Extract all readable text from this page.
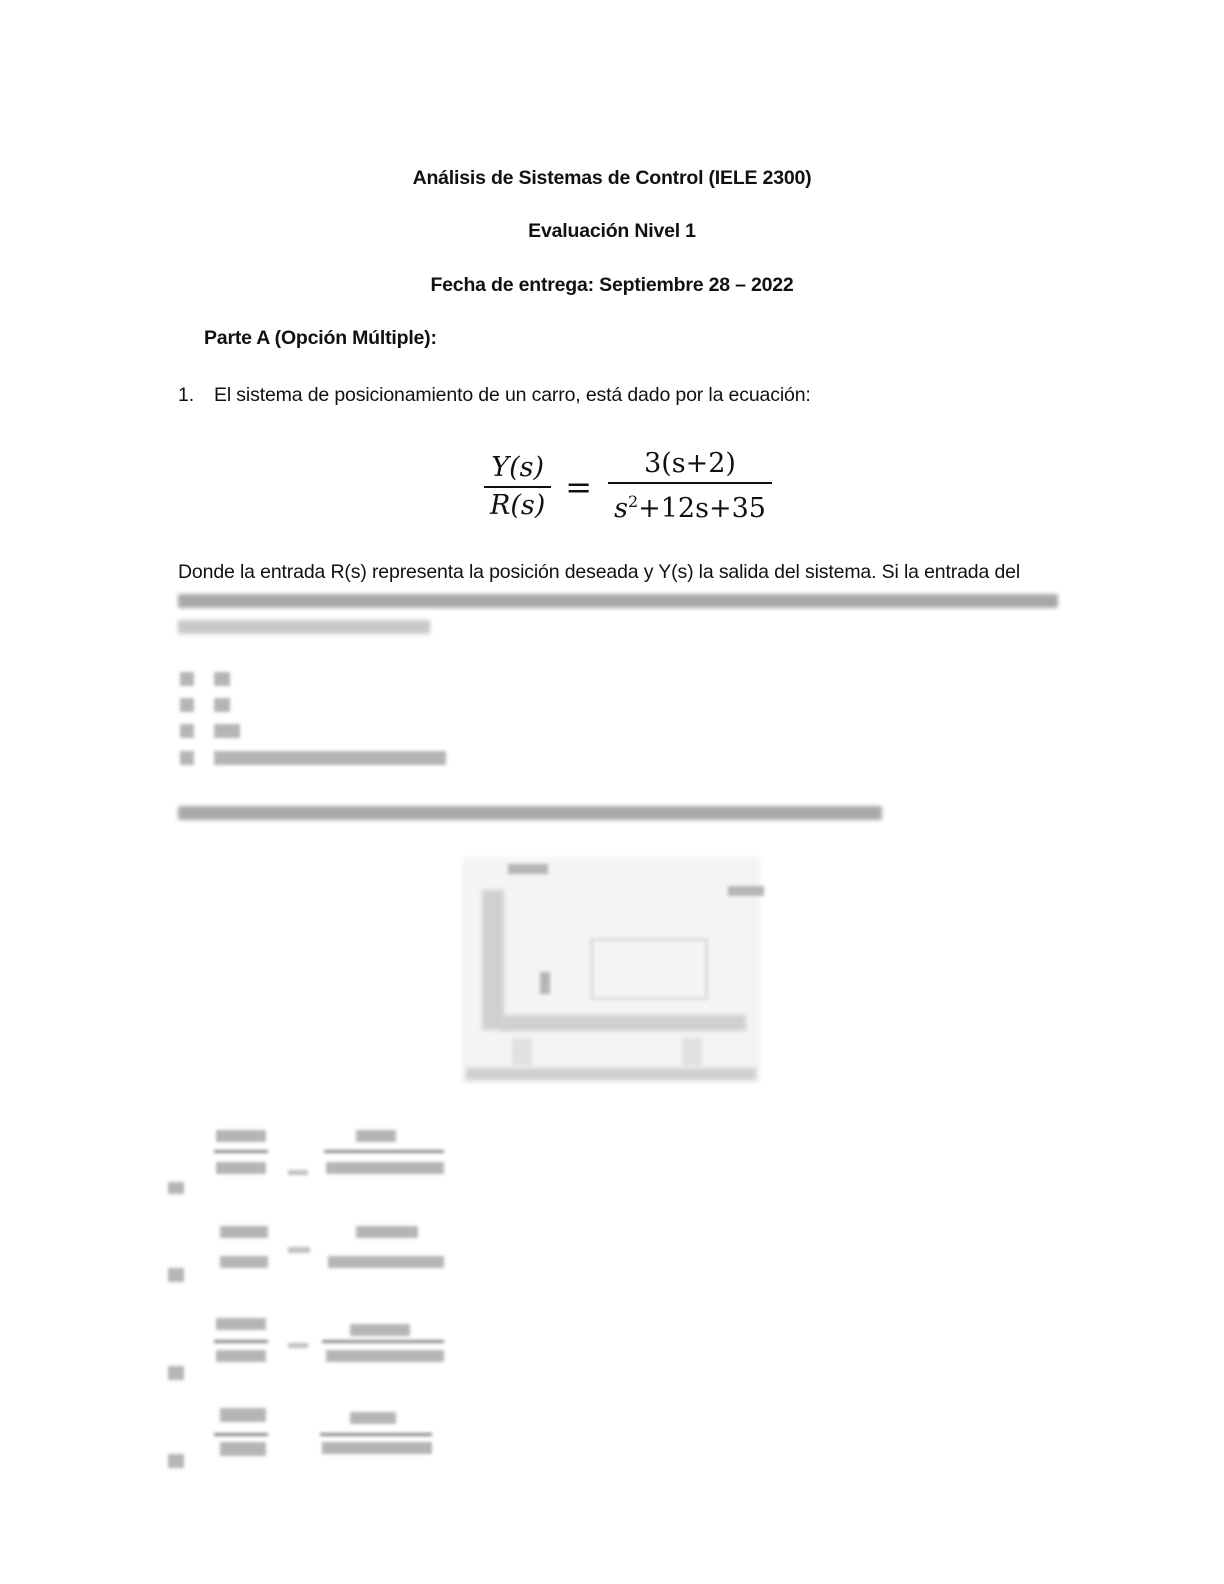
Análisis de Sistemas de Control (IELE 2300)
Evaluación Nivel 1
Fecha de entrega: Septiembre 28 – 2022
Parte A (Opción Múltiple):
1. El sistema de posicionamiento de un carro, está dado por la ecuación:
$\frac{Y(s)}{R(s)} = \frac{3(s+2)}{s^2+12s+35}$
Donde la entrada R(s) representa la posición deseada y Y(s) la salida del sistema. Si la entrada del
